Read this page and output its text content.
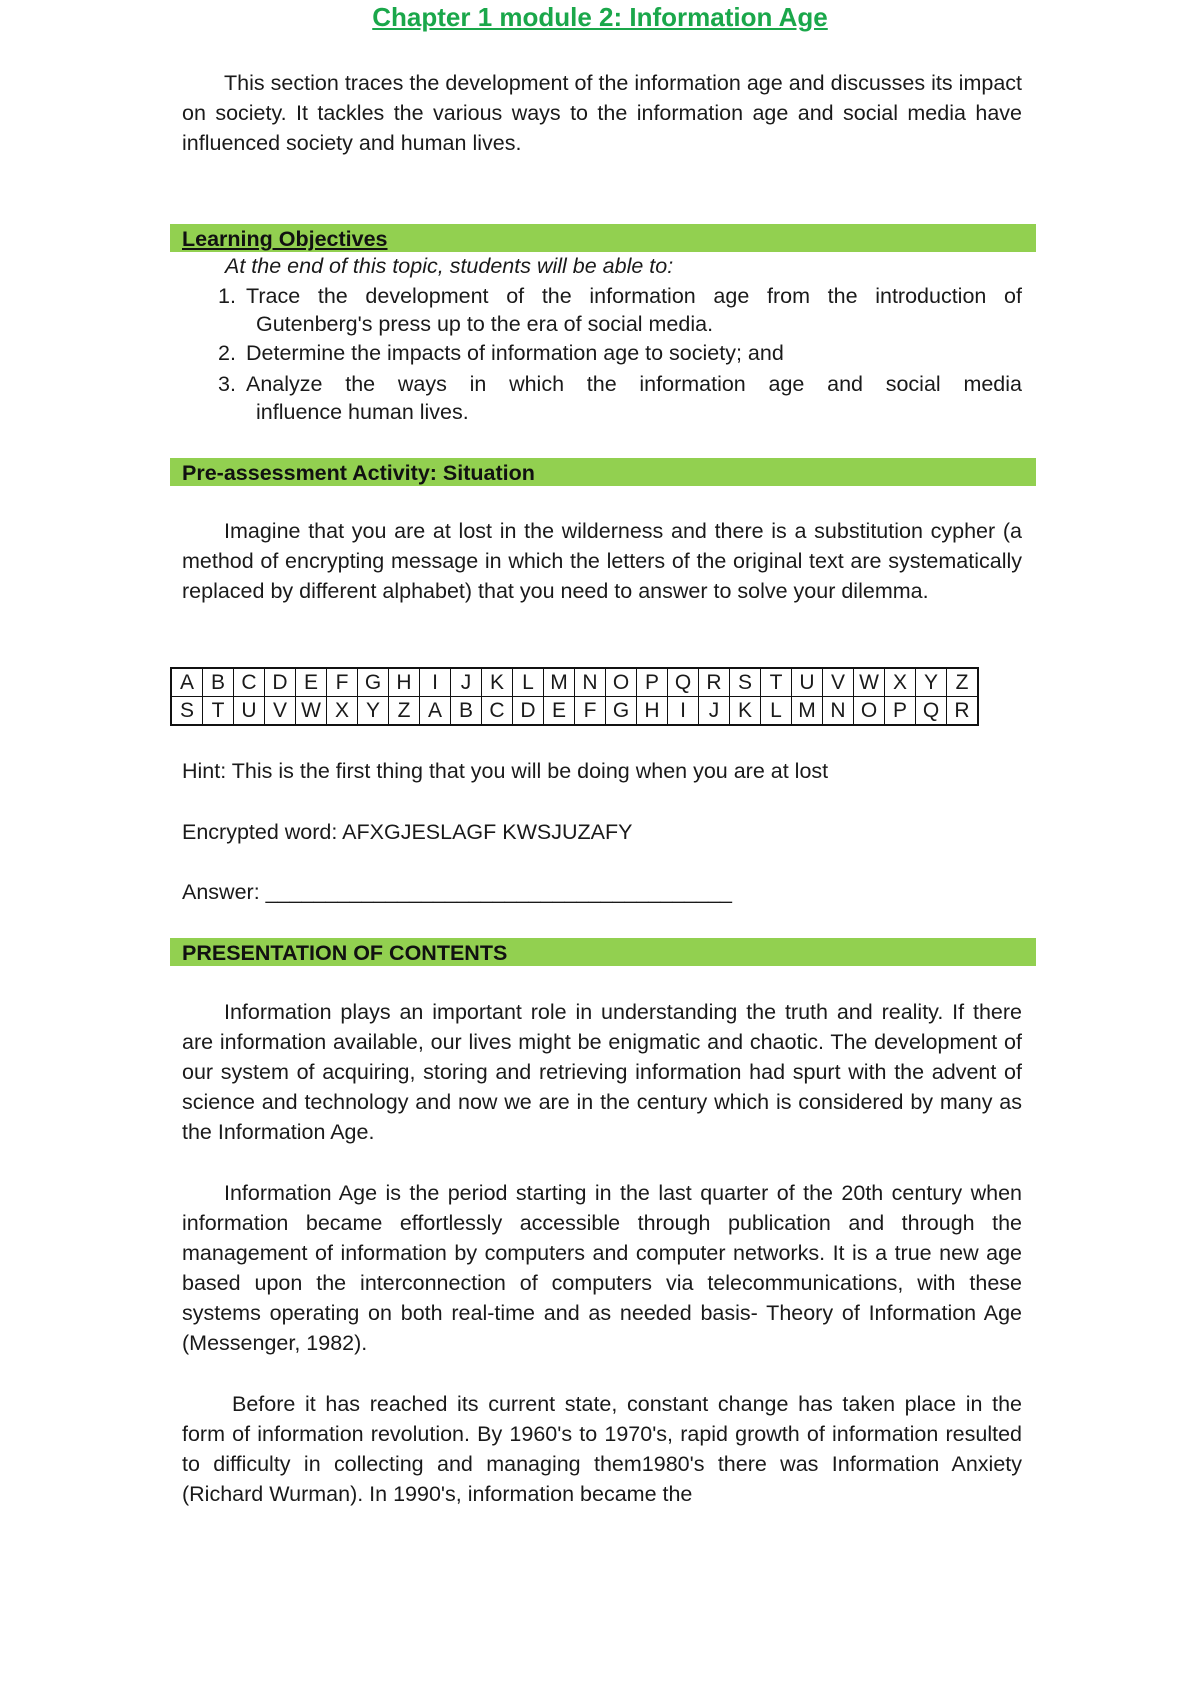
Chapter 1 module 2: Information Age
This section traces the development of the information age and discusses its impact on society. It tackles the various ways to the information age and social media have influenced society and human lives.
Learning Objectives
At the end of this topic, students will be able to:
1. Trace the development of the information age from the introduction of
Gutenberg's press up to the era of social media.
2. Determine the impacts of information age to society; and
3. Analyze the ways in which the information age and social media
influence human lives.
Pre-assessment Activity: Situation
Imagine that you are at lost in the wilderness and there is a substitution cypher (a method of encrypting message in which the letters of the original text are systematically replaced by different alphabet) that you need to answer to solve your dilemma.
A	B	C	D	E	F	G	H	I	J	K	L	M	N	O	P	Q	R	S	T	U	V	W	X	Y	Z
S	T	U	V	W	X	Y	Z	A	B	C	D	E	F	G	H	I	J	K	L	M	N	O	P	Q	R
Hint: This is the first thing that you will be doing when you are at lost
Encrypted word: AFXGJESLAGF KWSJUZAFY
Answer: _______________________________________
PRESENTATION OF CONTENTS
Information plays an important role in understanding the truth and reality. If there are information available, our lives might be enigmatic and chaotic. The development of our system of acquiring, storing and retrieving information had spurt with the advent of science and technology and now we are in the century which is considered by many as the Information Age.
Information Age is the period starting in the last quarter of the 20th century when information became effortlessly accessible through publication and through the management of information by computers and computer networks. It is a true new age based upon the interconnection of computers via telecommunications, with these systems operating on both real-time and as needed basis- Theory of Information Age (Messenger, 1982).
Before it has reached its current state, constant change has taken place in the form of information revolution. By 1960's to 1970's, rapid growth of information resulted to difficulty in collecting and managing them1980's there was Information Anxiety (Richard Wurman). In 1990's, information became the
